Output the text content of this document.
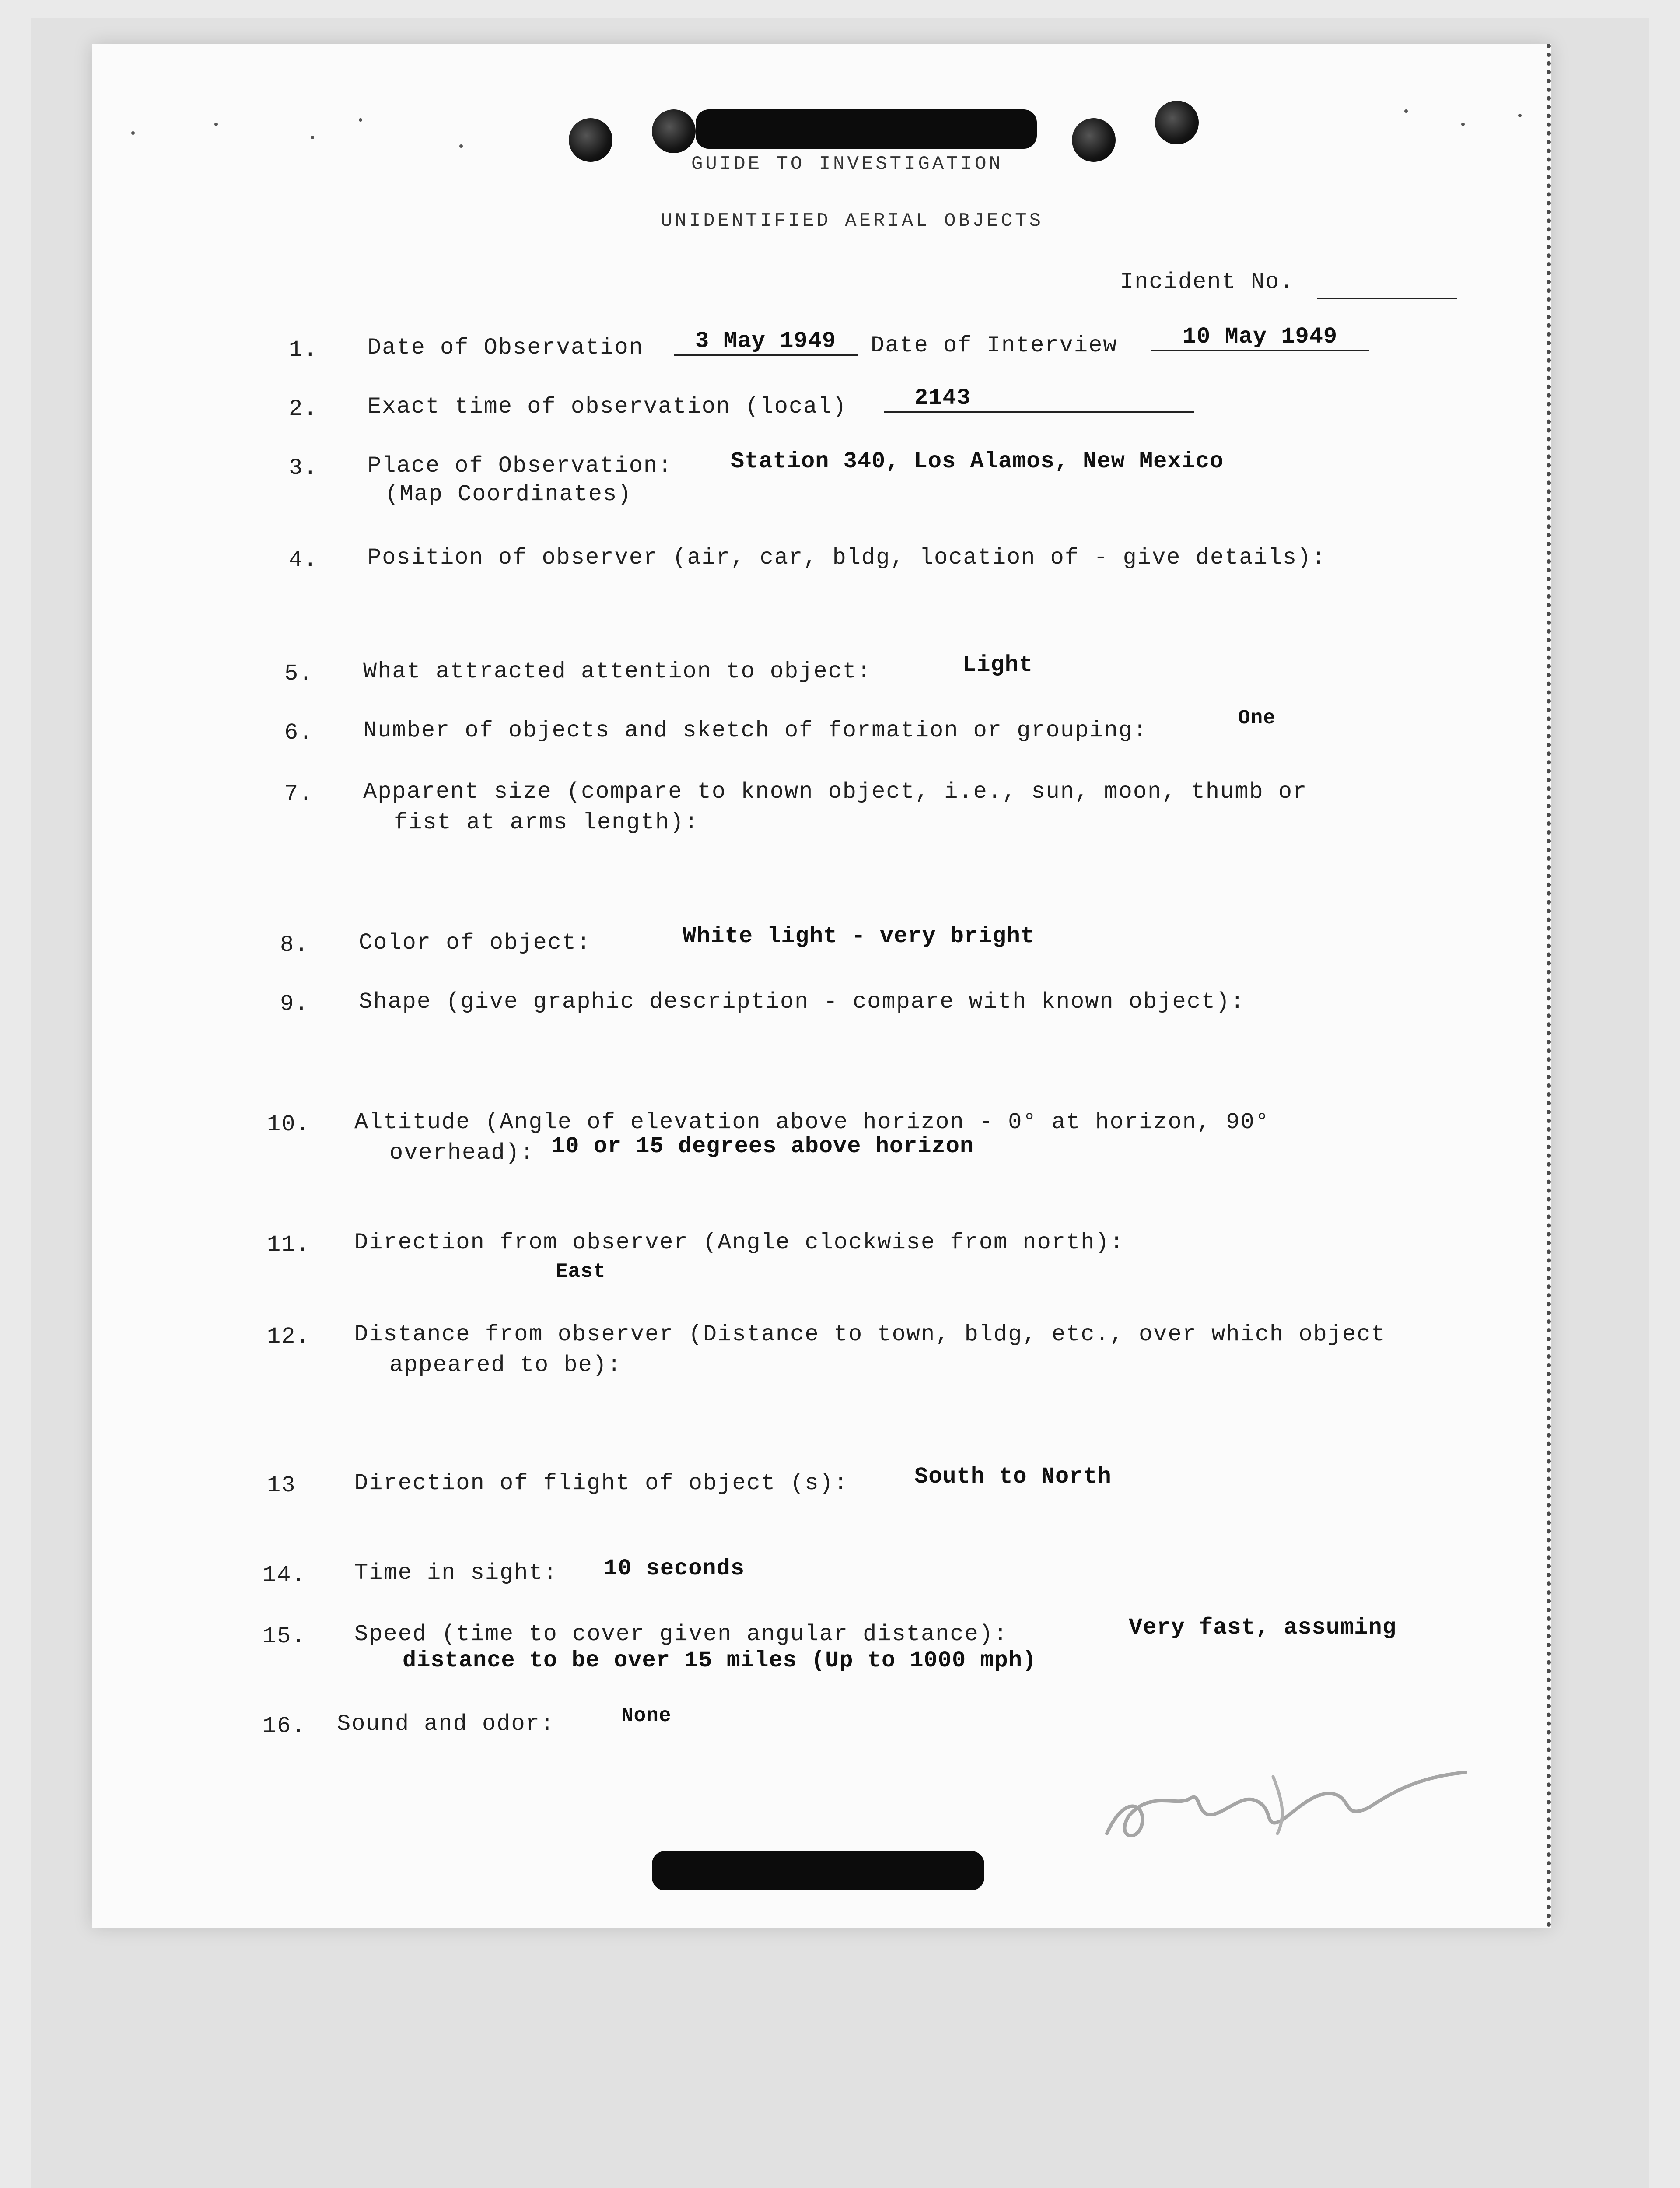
GUIDE TO INVESTIGATION
UNIDENTIFIED AERIAL OBJECTS
Incident No.
1. Date of Observation	3 May 1949	Date of Interview	10 May 1949
2. Exact time of observation (local)	2143
3. Place of Observation:
(Map Coordinates)
Station 340, Los Alamos, New Mexico
4. Position of observer (air, car, bldg, location of - give details):
5. What attracted attention to object:	Light
6. Number of objects and sketch of formation or grouping:	One
7. Apparent size (compare to known object, i.e., sun, moon, thumb or
fist at arms length):
8. Color of object:	White light - very bright
9. Shape (give graphic description - compare with known object):
10. Altitude (Angle of elevation above horizon - 0° at horizon, 90°
overhead): 10 or 15 degrees above horizon
11. Direction from observer (Angle clockwise from north):
East
12. Distance from observer (Distance to town, bldg, etc., over which object
appeared to be):
13	Direction of flight of object (s):	South to North
14. Time in sight: 10 seconds
15. Speed (time to cover given angular distance):	Very fast, assuming
distance to be over 15 miles (Up to 1000 mph)
16. Sound and odor:	None
